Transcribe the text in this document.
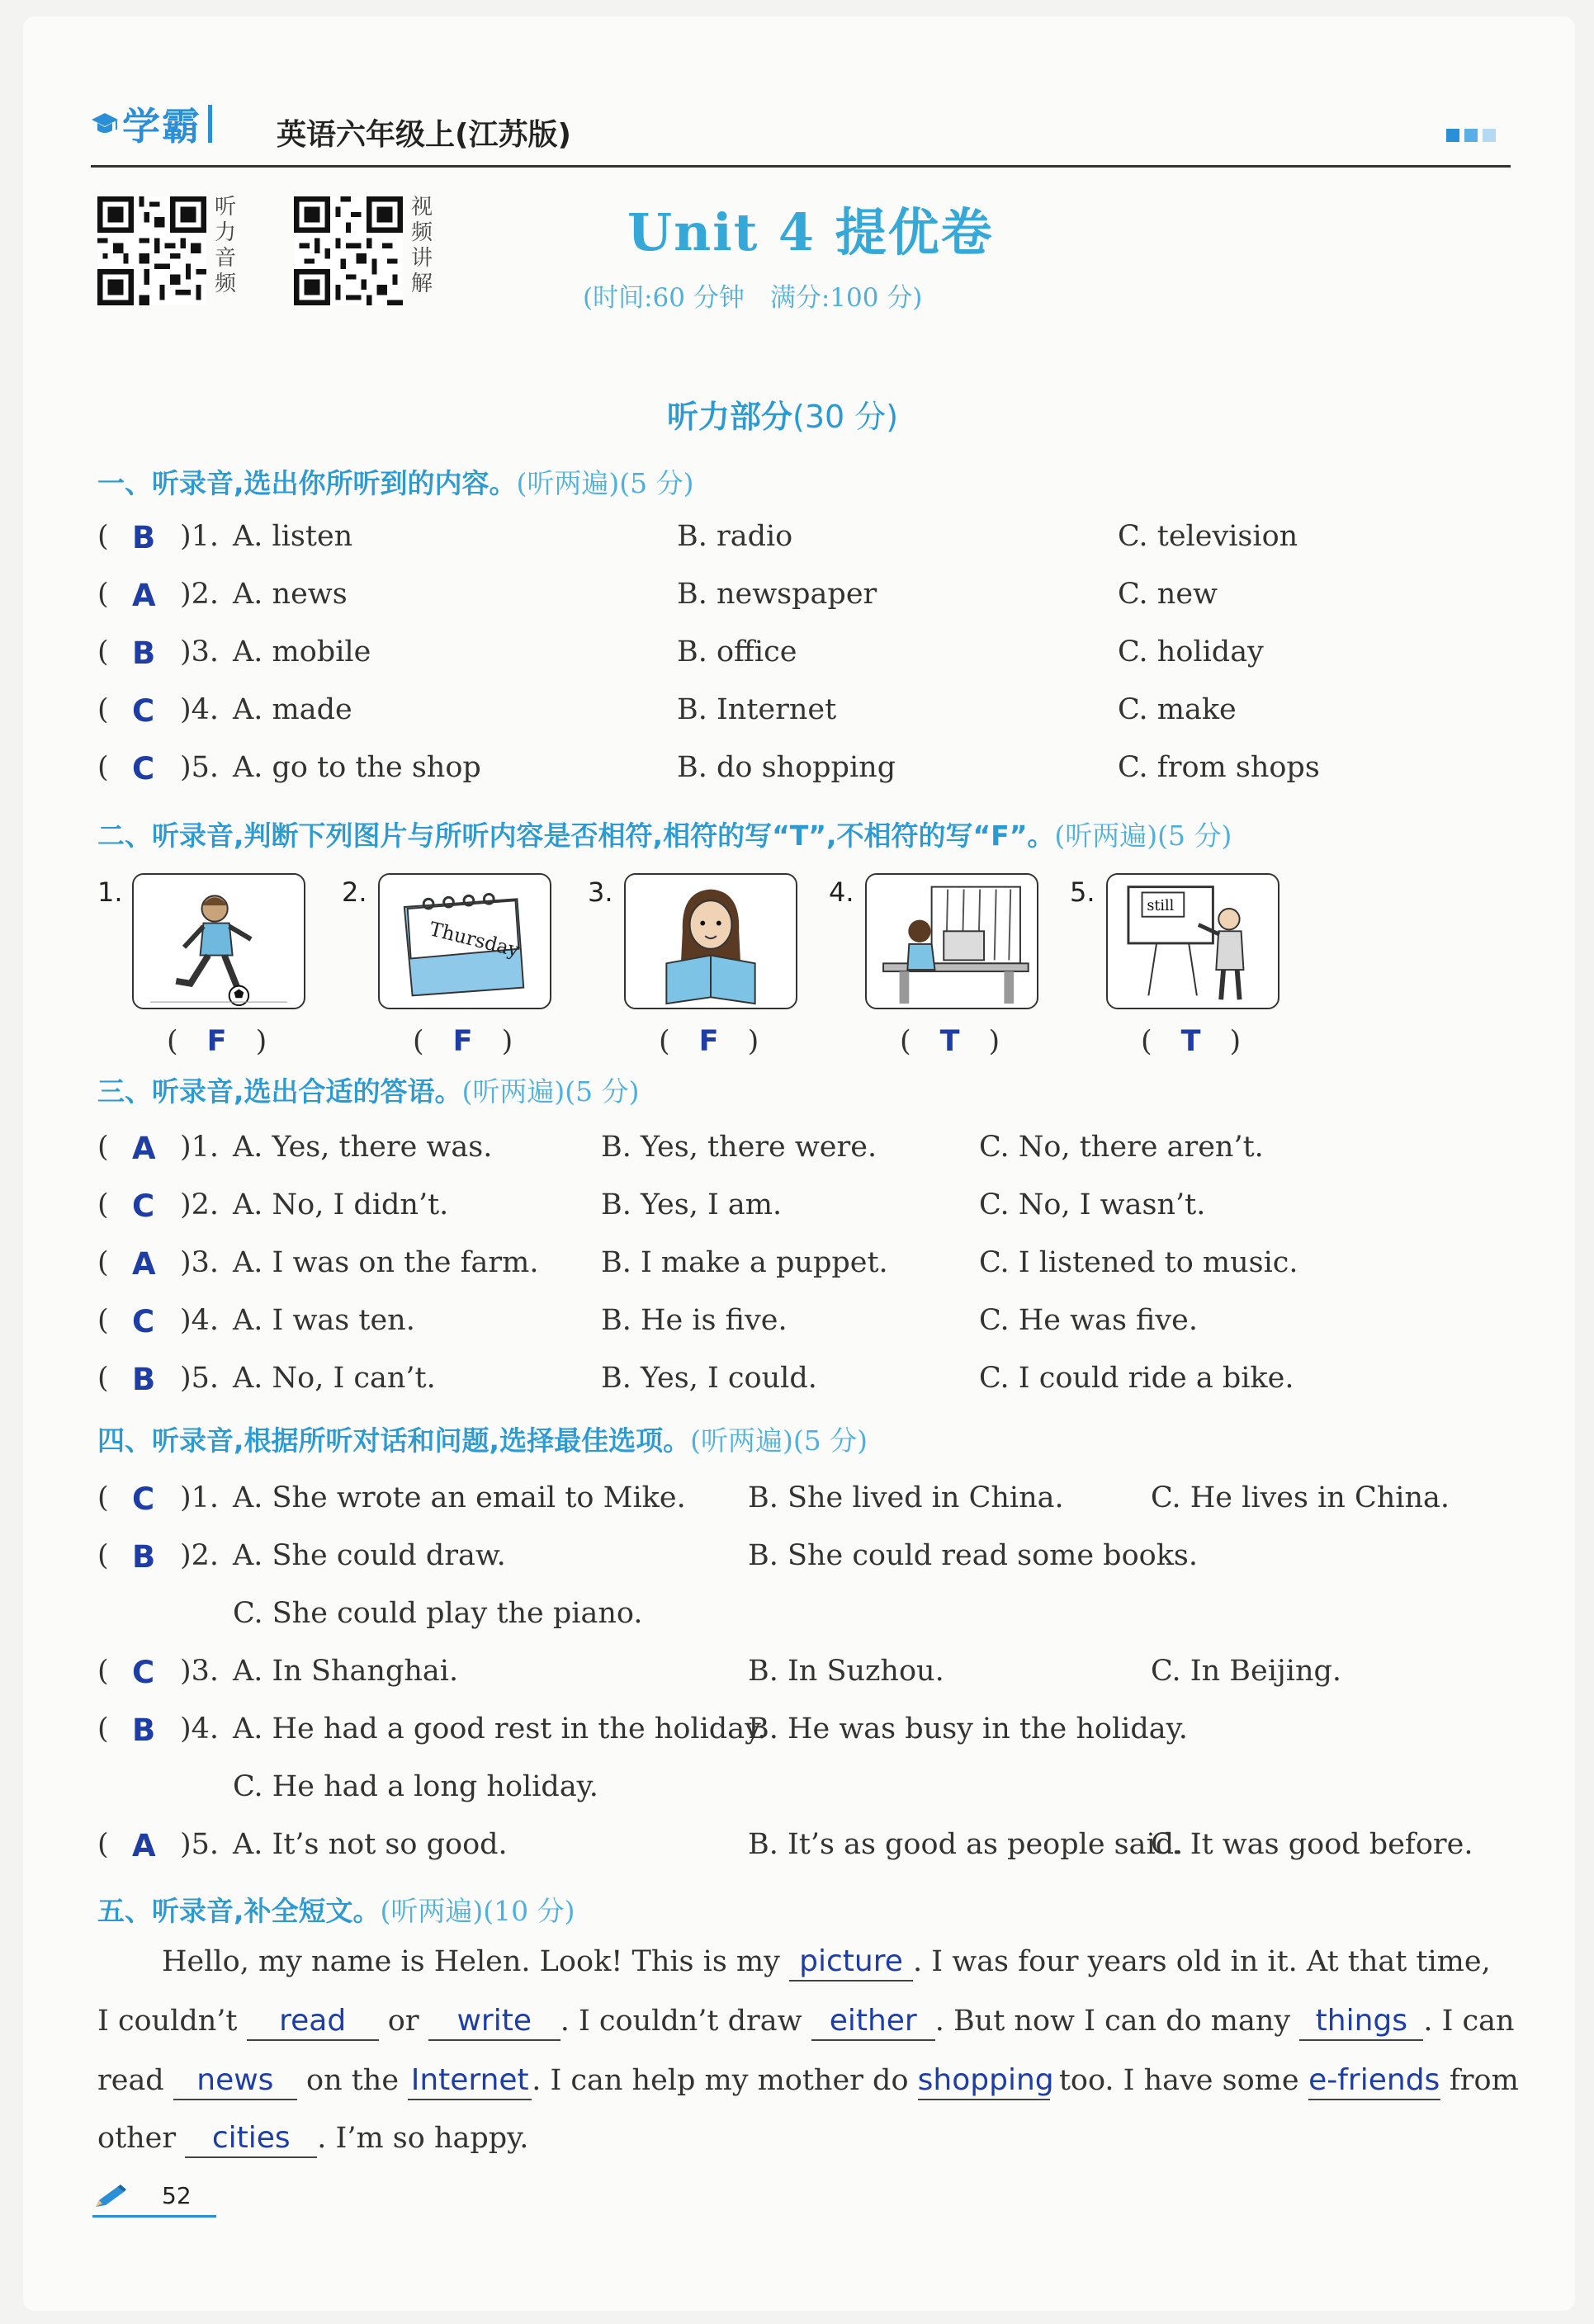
学霸	英语六年级上(江苏版)
听力音频
视频讲解
Unit 4 提优卷
(时间:60 分钟　满分:100 分)
听力部分(30 分)
一、听录音,选出你所听到的内容。(听两遍)(5 分)
( B )1. A. listen	B. radio	C. television
( A )2. A. news	B. newspaper	C. new
( B )3. A. mobile	B. office	C. holiday
( C )4. A. made	B. Internet	C. make
( C )5. A. go to the shop	B. do shopping	C. from shops
二、听录音,判断下列图片与所听内容是否相符,相符的写“T”,不相符的写“F”。(听两遍)(5 分)
1.
(　F　)
2.
Thursday
(　F　)
3.
(　F　)
4.
(　T　)
5.	still
(　T　)
三、听录音,选出合适的答语。(听两遍)(5 分)
( A )1. A. Yes, there was.	B. Yes, there were.	C. No, there aren’t.
( C )2. A. No, I didn’t.	B. Yes, I am.	C. No, I wasn’t.
( A )3. A. I was on the farm. B. I make a puppet.	C. I listened to music.
( C )4. A. I was ten.	B. He is five.	C. He was five.
( B )5. A. No, I can’t.	B. Yes, I could.	C. I could ride a bike.
四、听录音,根据所听对话和问题,选择最佳选项。(听两遍)(5 分)
( C )1. A. She wrote an email to Mike. B. She lived in China.	C. He lives in China.
( B )2. A. She could draw.	B. She could read some books.
C. She could play the piano.
( C )3. A. In Shanghai.	B. In Suzhou.	C. In Beijing.
( B )4. A. He had a good rest in the holiday.
B. He was busy in the holiday.
C. He had a long holiday.
( A )5. A. It’s not so good.	B. It’s as good as people said.
C. It was good before.
五、听录音,补全短文。(听两遍)(10 分)
Hello, my name is Helen. Look! This is my picture . I was four years old in it. At that time,
I couldn’t read or write . I couldn’t draw either . But now I can do many things . I can
read news on the Internet . I can help my mother do shopping too. I have some e-friends from
other cities . I’m so happy.
52
